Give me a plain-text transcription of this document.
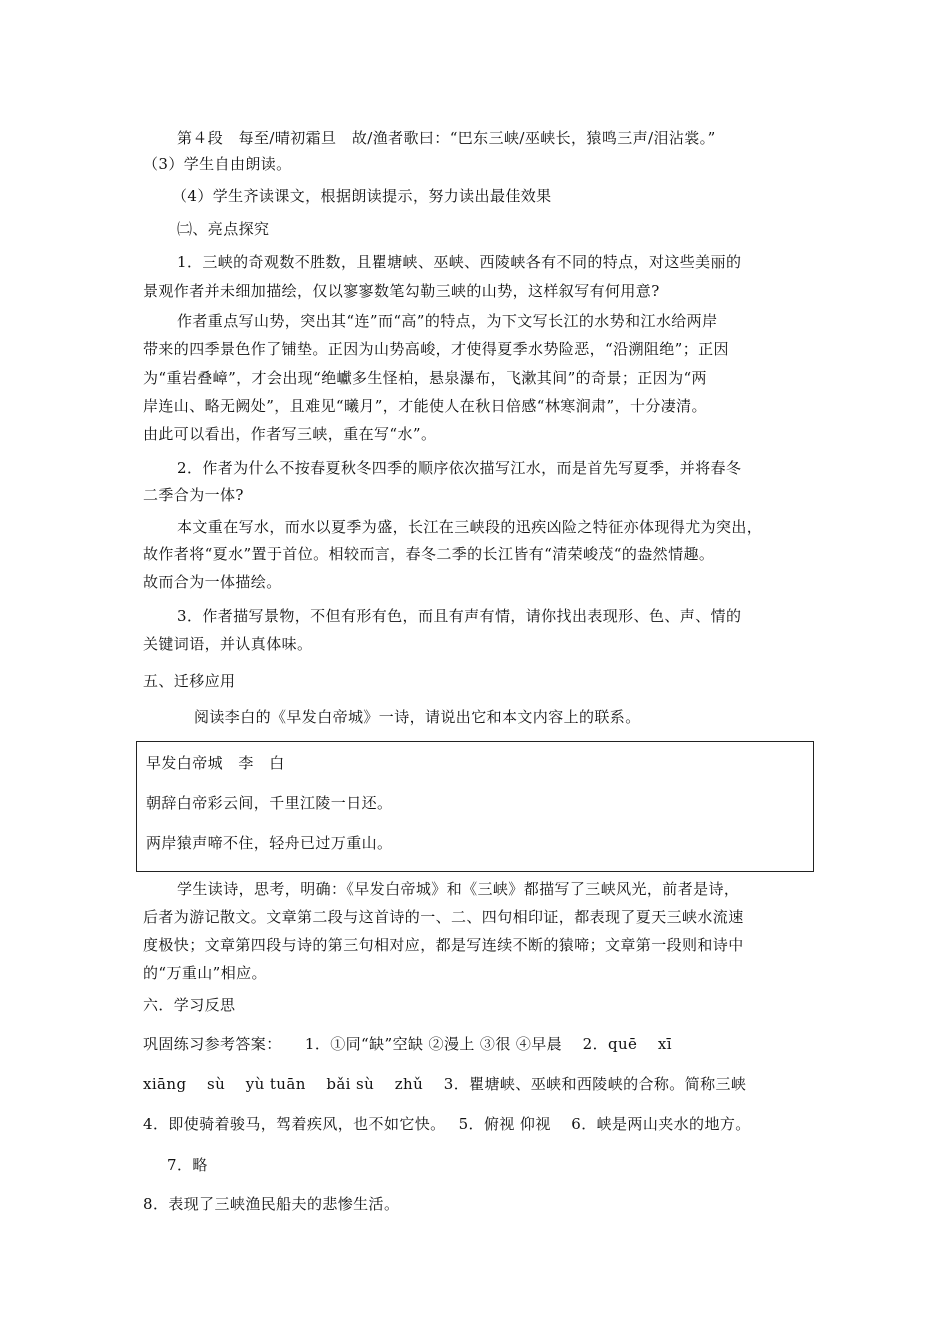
第４段　每至/晴初霜旦　故/渔者歌曰：“巴东三峡/巫峡长，猿鸣三声/泪沾裳。”
（3）学生自由朗读。
（4）学生齐读课文，根据朗读提示，努力读出最佳效果
㈡、亮点探究
1．三峡的奇观数不胜数，且瞿塘峡、巫峡、西陵峡各有不同的特点，对这些美丽的
景观作者并未细加描绘，仅以寥寥数笔勾勒三峡的山势，这样叙写有何用意?
作者重点写山势，突出其“连”而“高”的特点，为下文写长江的水势和江水给两岸
带来的四季景色作了铺垫。正因为山势高峻，才使得夏季水势险恶，“沿溯阻绝”；正因
为“重岩叠嶂”，才会出现“绝巘多生怪柏，悬泉瀑布，飞漱其间”的奇景；正因为“两
岸连山、略无阙处”，且难见“曦月”，才能使人在秋日倍感“林寒涧肃”，十分凄清。
由此可以看出，作者写三峡，重在写“水”。
2．作者为什么不按春夏秋冬四季的顺序依次描写江水，而是首先写夏季，并将春冬
二季合为一体?
本文重在写水，而水以夏季为盛，长江在三峡段的迅疾凶险之特征亦体现得尤为突出，
故作者将“夏水”置于首位。相较而言，春冬二季的长江皆有“清荣峻茂“的盎然情趣。
故而合为一体描绘。
3．作者描写景物，不但有形有色，而且有声有情，请你找出表现形、色、声、情的
关键词语，并认真体味。
五、迁移应用
阅读李白的《早发白帝城》一诗，请说出它和本文内容上的联系。
早发白帝城　李　白
朝辞白帝彩云间，千里江陵一日还。
两岸猿声啼不住，轻舟已过万重山。
学生读诗，思考，明确：《早发白帝城》和《三峡》都描写了三峡风光，前者是诗，
后者为游记散文。文章第二段与这首诗的一、二、四句相印证，都表现了夏天三峡水流速
度极快；文章第四段与诗的第三句相对应，都是写连续不断的猿啼；文章第一段则和诗中
的“万重山”相应。
六．学习反思
巩固练习参考答案：　　1．①同“缺”空缺 ②漫上 ③很 ④早晨　 2．quē　 xī
xiāng　 sù　 yù tuān　 bǎi sù　 zhǔ　 3．瞿塘峡、巫峡和西陵峡的合称。简称三峡
4．即使骑着骏马，驾着疾风，也不如它快。　 5．俯视 仰视　 6．峡是两山夹水的地方。
7．略
8．表现了三峡渔民船夫的悲惨生活。
